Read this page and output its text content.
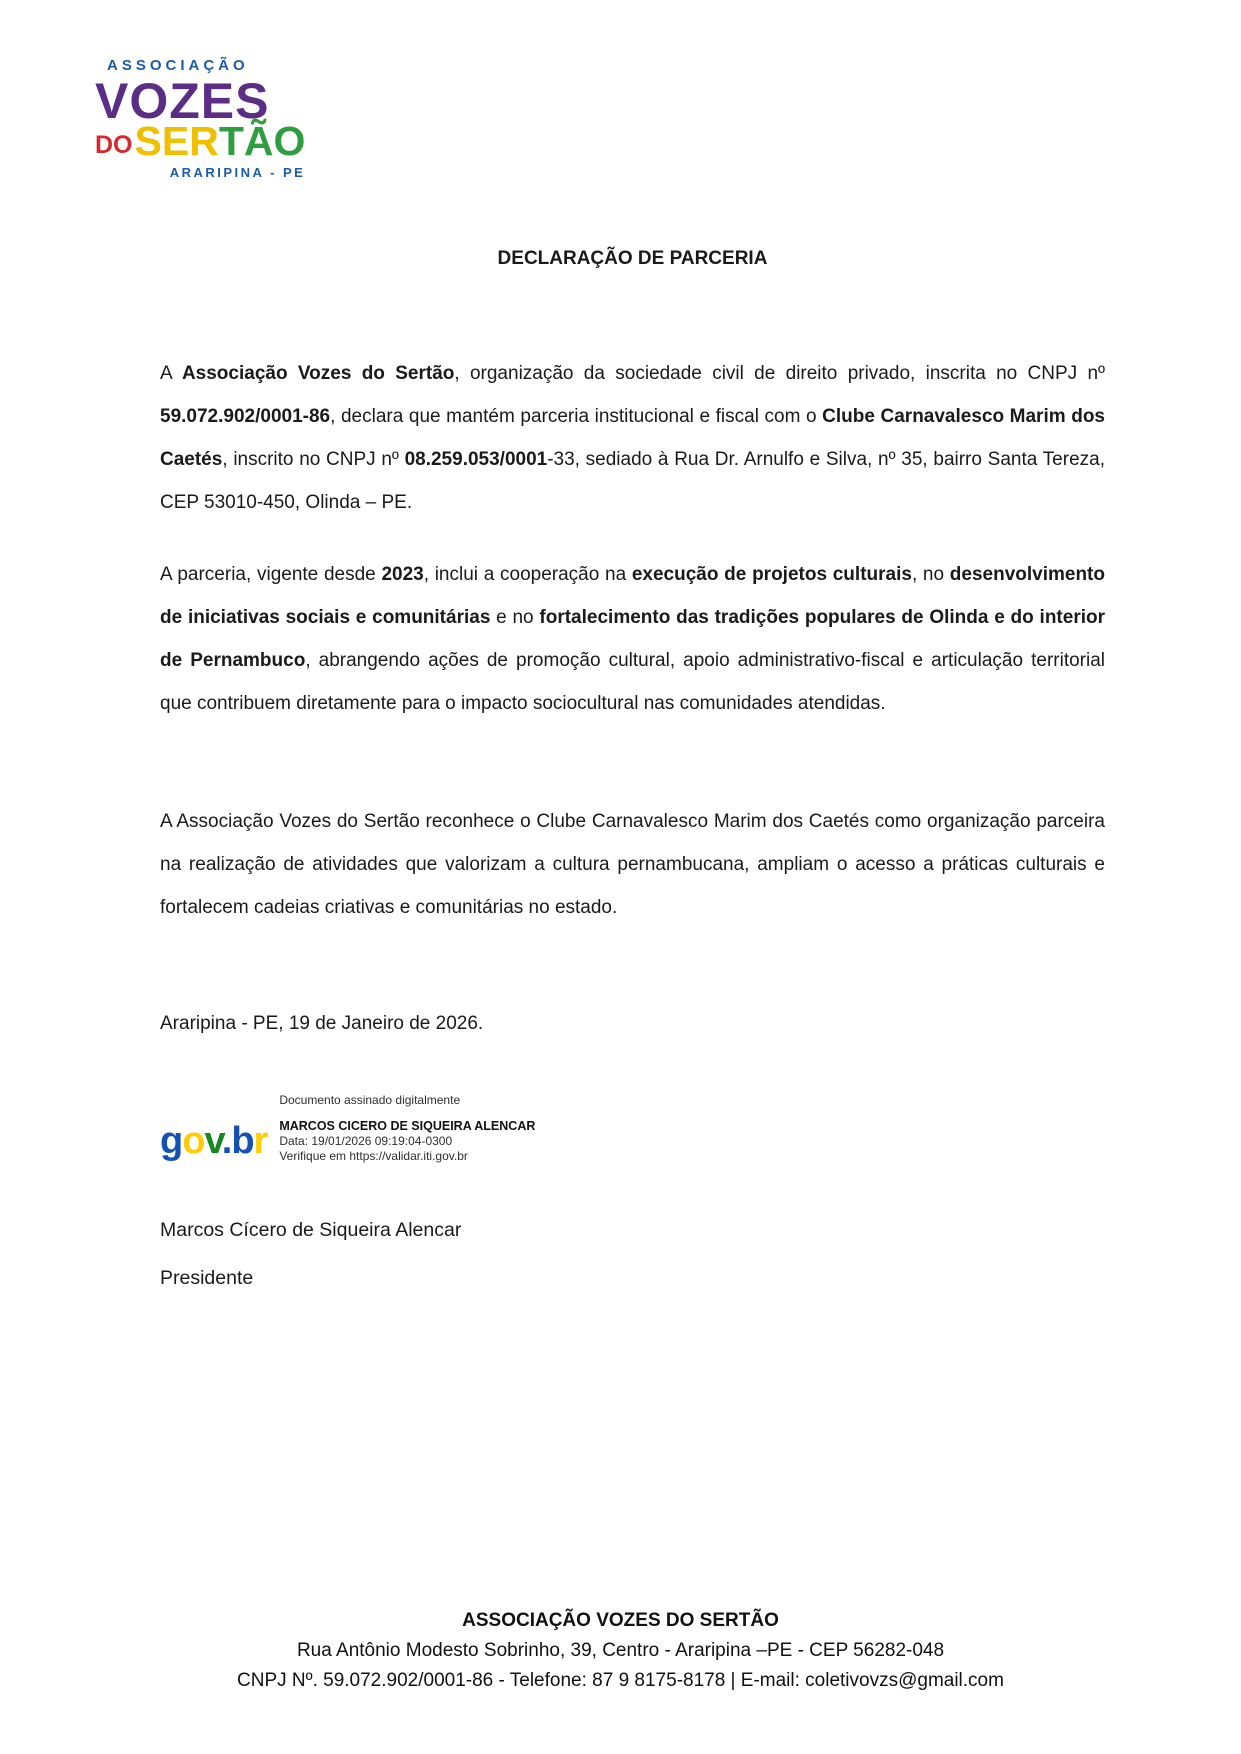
ASSOCIAÇÃO
VOZES
DO SER TÃO
ARARIPINA - PE
DECLARAÇÃO DE PARCERIA

A Associação Vozes do Sertão, organização da sociedade civil de direito privado, inscrita no CNPJ nº 59.072.902/0001-86, declara que mantém parceria institucional e fiscal com o Clube Carnavalesco Marim dos Caetés, inscrito no CNPJ nº 08.259.053/0001-33, sediado à Rua Dr. Arnulfo e Silva, nº 35, bairro Santa Tereza, CEP 53010-450, Olinda – PE.

A parceria, vigente desde 2023, inclui a cooperação na execução de projetos culturais, no desenvolvimento de iniciativas sociais e comunitárias e no fortalecimento das tradições populares de Olinda e do interior de Pernambuco, abrangendo ações de promoção cultural, apoio administrativo-fiscal e articulação territorial que contribuem diretamente para o impacto sociocultural nas comunidades atendidas.

A Associação Vozes do Sertão reconhece o Clube Carnavalesco Marim dos Caetés como organização parceira na realização de atividades que valorizam a cultura pernambucana, ampliam o acesso a práticas culturais e fortalecem cadeias criativas e comunitárias no estado.

Araripina - PE, 19 de Janeiro de 2026.

gov.br
Documento assinado digitalmente
MARCOS CICERO DE SIQUEIRA ALENCAR
Data: 19/01/2026 09:19:04-0300
Verifique em https://validar.iti.gov.br
Marcos Cícero de Siqueira Alencar
Presidente
ASSOCIAÇÃO VOZES DO SERTÃO
Rua Antônio Modesto Sobrinho, 39, Centro - Araripina –PE - CEP 56282-048
CNPJ Nº. 59.072.902/0001-86 - Telefone: 87 9 8175-8178 | E-mail: coletivovzs@gmail.com
